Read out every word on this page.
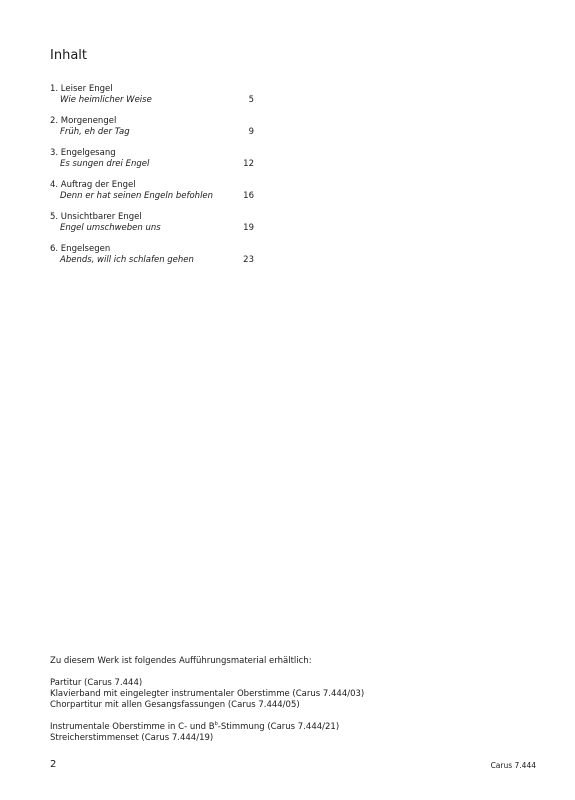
Inhalt
1. Leiser Engel
Wie heimlicher Weise	5
2. Morgenengel
Früh, eh der Tag	9
3. Engelgesang
Es sungen drei Engel	12
4. Auftrag der Engel
Denn er hat seinen Engeln befohlen	16
5. Unsichtbarer Engel
Engel umschweben uns	19
6. Engelsegen
Abends, will ich schlafen gehen	23
Zu diesem Werk ist folgendes Aufführungsmaterial erhältlich:
Partitur (Carus 7.444)
Klavierband mit eingelegter instrumentaler Oberstimme (Carus 7.444/03)
Chorpartitur mit allen Gesangsfassungen (Carus 7.444/05)
Instrumentale Oberstimme in C- und $B^b$-Stimmung (Carus 7.444/21)
Streicherstimmenset (Carus 7.444/19)
2	Carus 7.444
